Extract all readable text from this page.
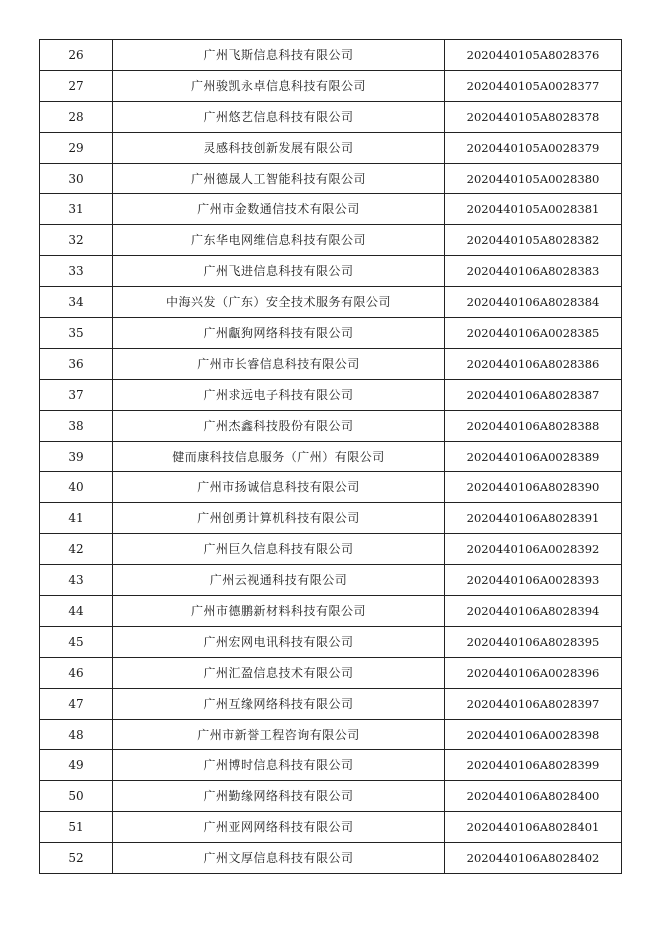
26	广州飞斯信息科技有限公司	2020440105A8028376
27	广州骏凯永卓信息科技有限公司	2020440105A0028377
28	广州悠艺信息科技有限公司	2020440105A8028378
29	灵感科技创新发展有限公司	2020440105A0028379
30	广州德晟人工智能科技有限公司	2020440105A0028380
31	广州市金数通信技术有限公司	2020440105A0028381
32	广东华电网维信息科技有限公司	2020440105A8028382
33	广州飞进信息科技有限公司	2020440106A8028383
34	中海兴发（广东）安全技术服务有限公司	2020440106A8028384
35	广州甗狗网络科技有限公司	2020440106A0028385
36	广州市长睿信息科技有限公司	2020440106A8028386
37	广州求远电子科技有限公司	2020440106A8028387
38	广州杰鑫科技股份有限公司	2020440106A8028388
39	健而康科技信息服务（广州）有限公司	2020440106A0028389
40	广州市扬诚信息科技有限公司	2020440106A8028390
41	广州创勇计算机科技有限公司	2020440106A8028391
42	广州巨久信息科技有限公司	2020440106A0028392
43	广州云视通科技有限公司	2020440106A0028393
44	广州市德鹏新材料科技有限公司	2020440106A8028394
45	广州宏网电讯科技有限公司	2020440106A8028395
46	广州汇盈信息技术有限公司	2020440106A0028396
47	广州互缘网络科技有限公司	2020440106A8028397
48	广州市新誉工程咨询有限公司	2020440106A0028398
49	广州博时信息科技有限公司	2020440106A8028399
50	广州勤缘网络科技有限公司	2020440106A8028400
51	广州亚网网络科技有限公司	2020440106A8028401
52	广州文厚信息科技有限公司	2020440106A8028402
